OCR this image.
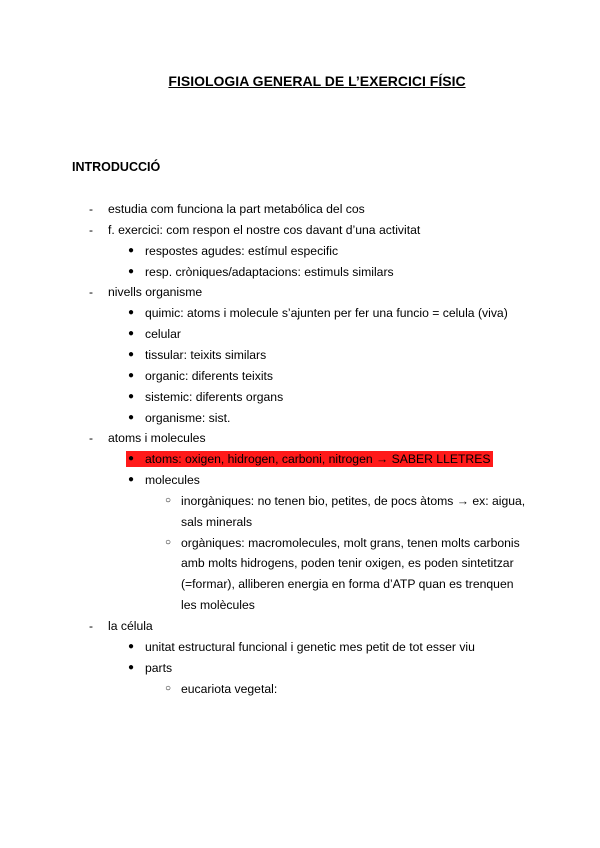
FISIOLOGIA GENERAL DE L’EXERCICI FÍSIC
INTRODUCCIÓ
- estudia com funciona la part metabólica del cos
- f. exercici: com respon el nostre cos davant d’una activitat
● respostes agudes: estímul especific
● resp. cròniques/adaptacions: estimuls similars
- nivells organisme
● quimic: atoms i molecule s’ajunten per fer una funcio = celula (viva)
● celular
● tissular: teixits similars
● organic: diferents teixits
● sistemic: diferents organs
● organisme: sist.
- atoms i molecules
● atoms: oxigen, hidrogen, carboni, nitrogen → SABER LLETRES
● molecules
○ inorgàniques: no tenen bio, petites, de pocs àtoms → ex: aigua,
sals minerals
○ orgàniques: macromolecules, molt grans, tenen molts carbonis
amb molts hidrogens, poden tenir oxigen, es poden sintetitzar
(=formar), alliberen energia en forma d’ATP quan es trenquen
les molècules
- la célula
● unitat estructural funcional i genetic mes petit de tot esser viu
● parts
○ eucariota vegetal:
